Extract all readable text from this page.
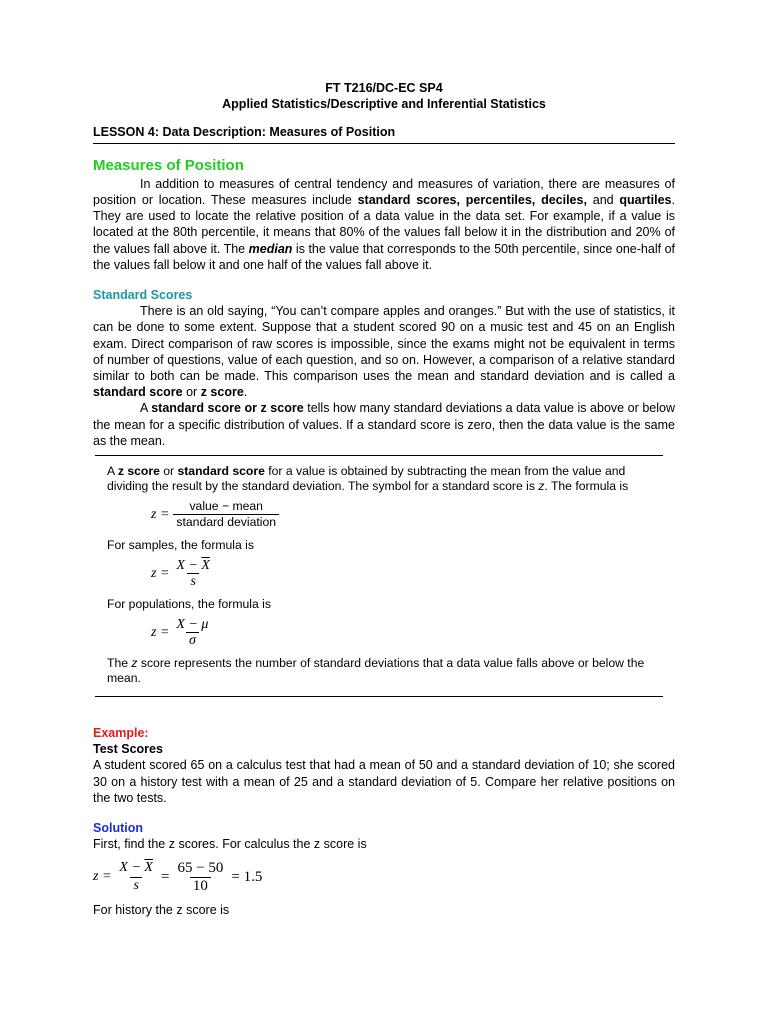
FT T216/DC-EC SP4
Applied Statistics/Descriptive and Inferential Statistics
LESSON 4: Data Description: Measures of Position
Measures of Position

In addition to measures of central tendency and measures of variation, there are measures of position or location. These measures include standard scores, percentiles, deciles, and quartiles. They are used to locate the relative position of a data value in the data set. For example, if a value is located at the 80th percentile, it means that 80% of the values fall below it in the distribution and 20% of the values fall above it. The median is the value that corresponds to the 50th percentile, since one-half of the values fall below it and one half of the values fall above it.

Standard Scores

There is an old saying, “You can’t compare apples and oranges.” But with the use of statistics, it can be done to some extent. Suppose that a student scored 90 on a music test and 45 on an English exam. Direct comparison of raw scores is impossible, since the exams might not be equivalent in terms of number of questions, value of each question, and so on. However, a comparison of a relative standard similar to both can be made. This comparison uses the mean and standard deviation and is called a standard score or z score.

A standard score or z score tells how many standard deviations a data value is above or below the mean for a specific distribution of values. If a standard score is zero, then the data value is the same as the mean.

A z score or standard score for a value is obtained by subtracting the mean from the value and dividing the result by the standard deviation. The symbol for a standard score is z. The formula is

$z = \frac{\text{value − mean}}{\text{standard deviation}}$

For samples, the formula is

$z = \frac{X - \overline{X}}{s}$

For populations, the formula is

$z = \frac{X - \mu}{\sigma}$

The z score represents the number of standard deviations that a data value falls above or below the mean.

Example:
Test Scores

A student scored 65 on a calculus test that had a mean of 50 and a standard deviation of 10; she scored 30 on a history test with a mean of 25 and a standard deviation of 5. Compare her relative positions on the two tests.

Solution

First, find the z scores. For calculus the z score is

$z = \frac{X - \overline{X}}{s} = \frac{65 - 50}{10} = 1.5$

For history the z score is
